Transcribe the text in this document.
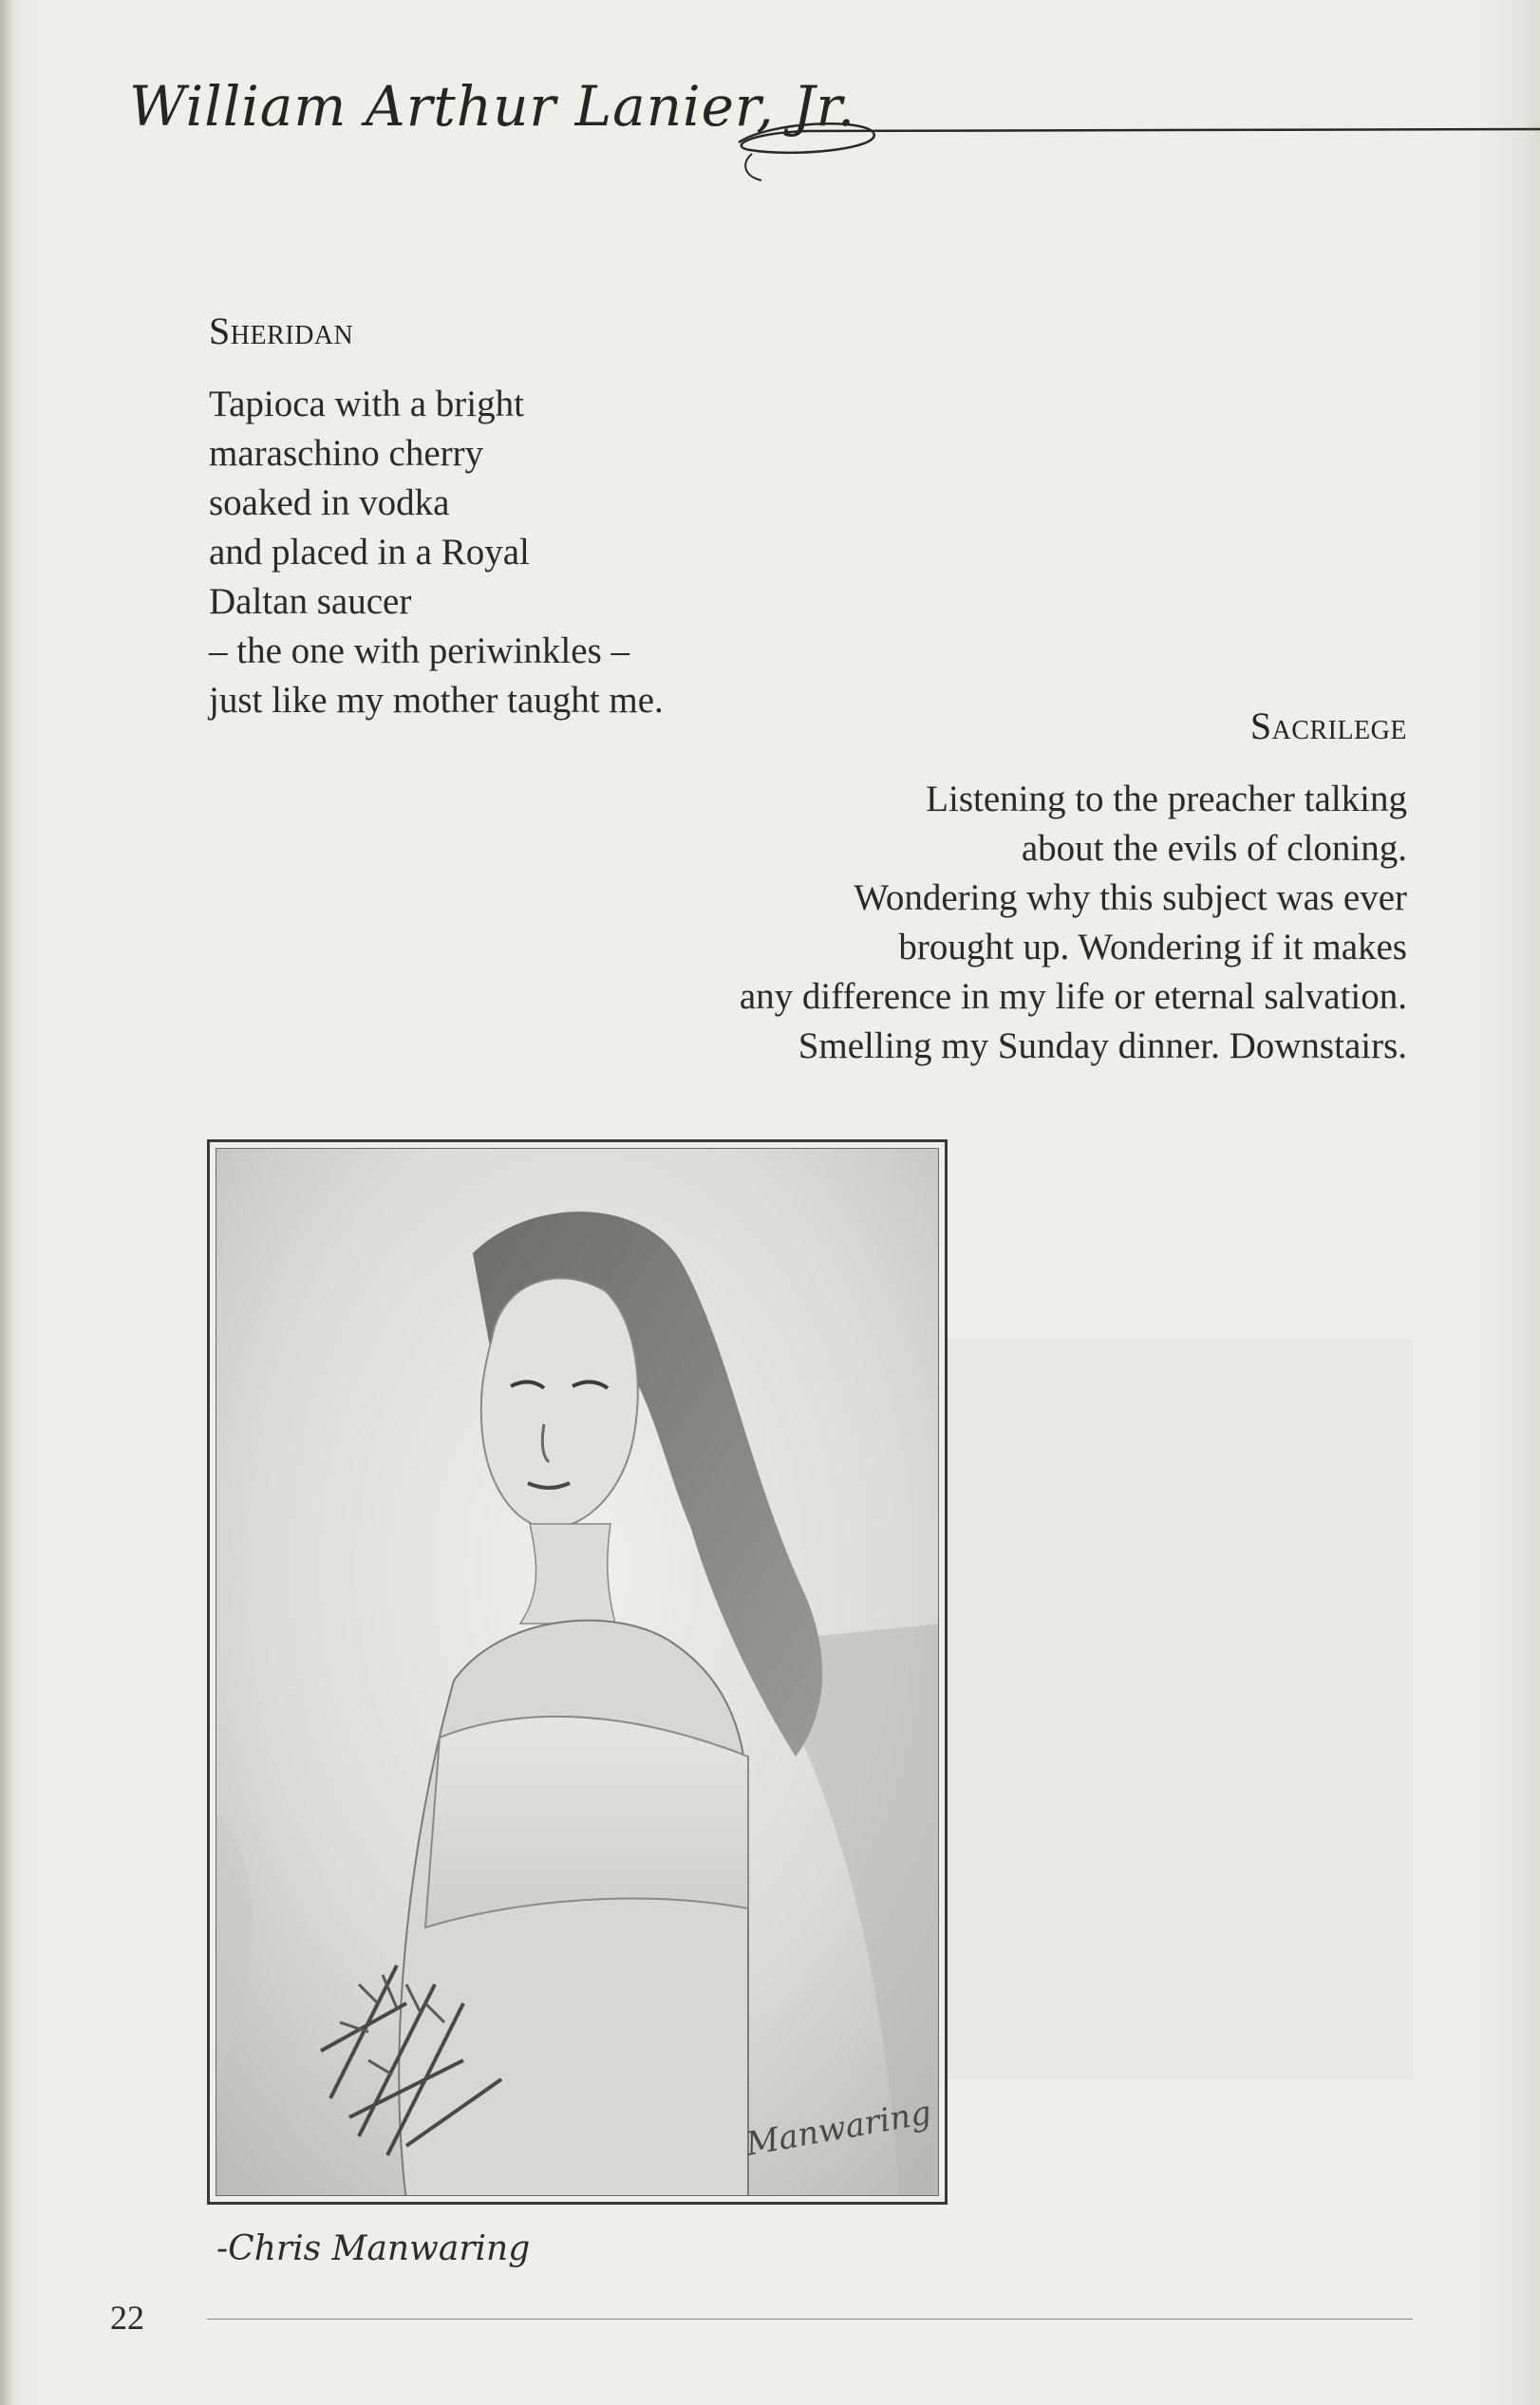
William Arthur Lanier, Jr.
Sheridan
Tapioca with a bright
maraschino cherry
soaked in vodka
and placed in a Royal
Daltan saucer
– the one with periwinkles –
just like my mother taught me.
Sacrilege
Listening to the preacher talking
about the evils of cloning.
Wondering why this subject was ever
brought up. Wondering if it makes
any difference in my life or eternal salvation.
Smelling my Sunday dinner. Downstairs.
Manwaring
-Chris Manwaring
22
